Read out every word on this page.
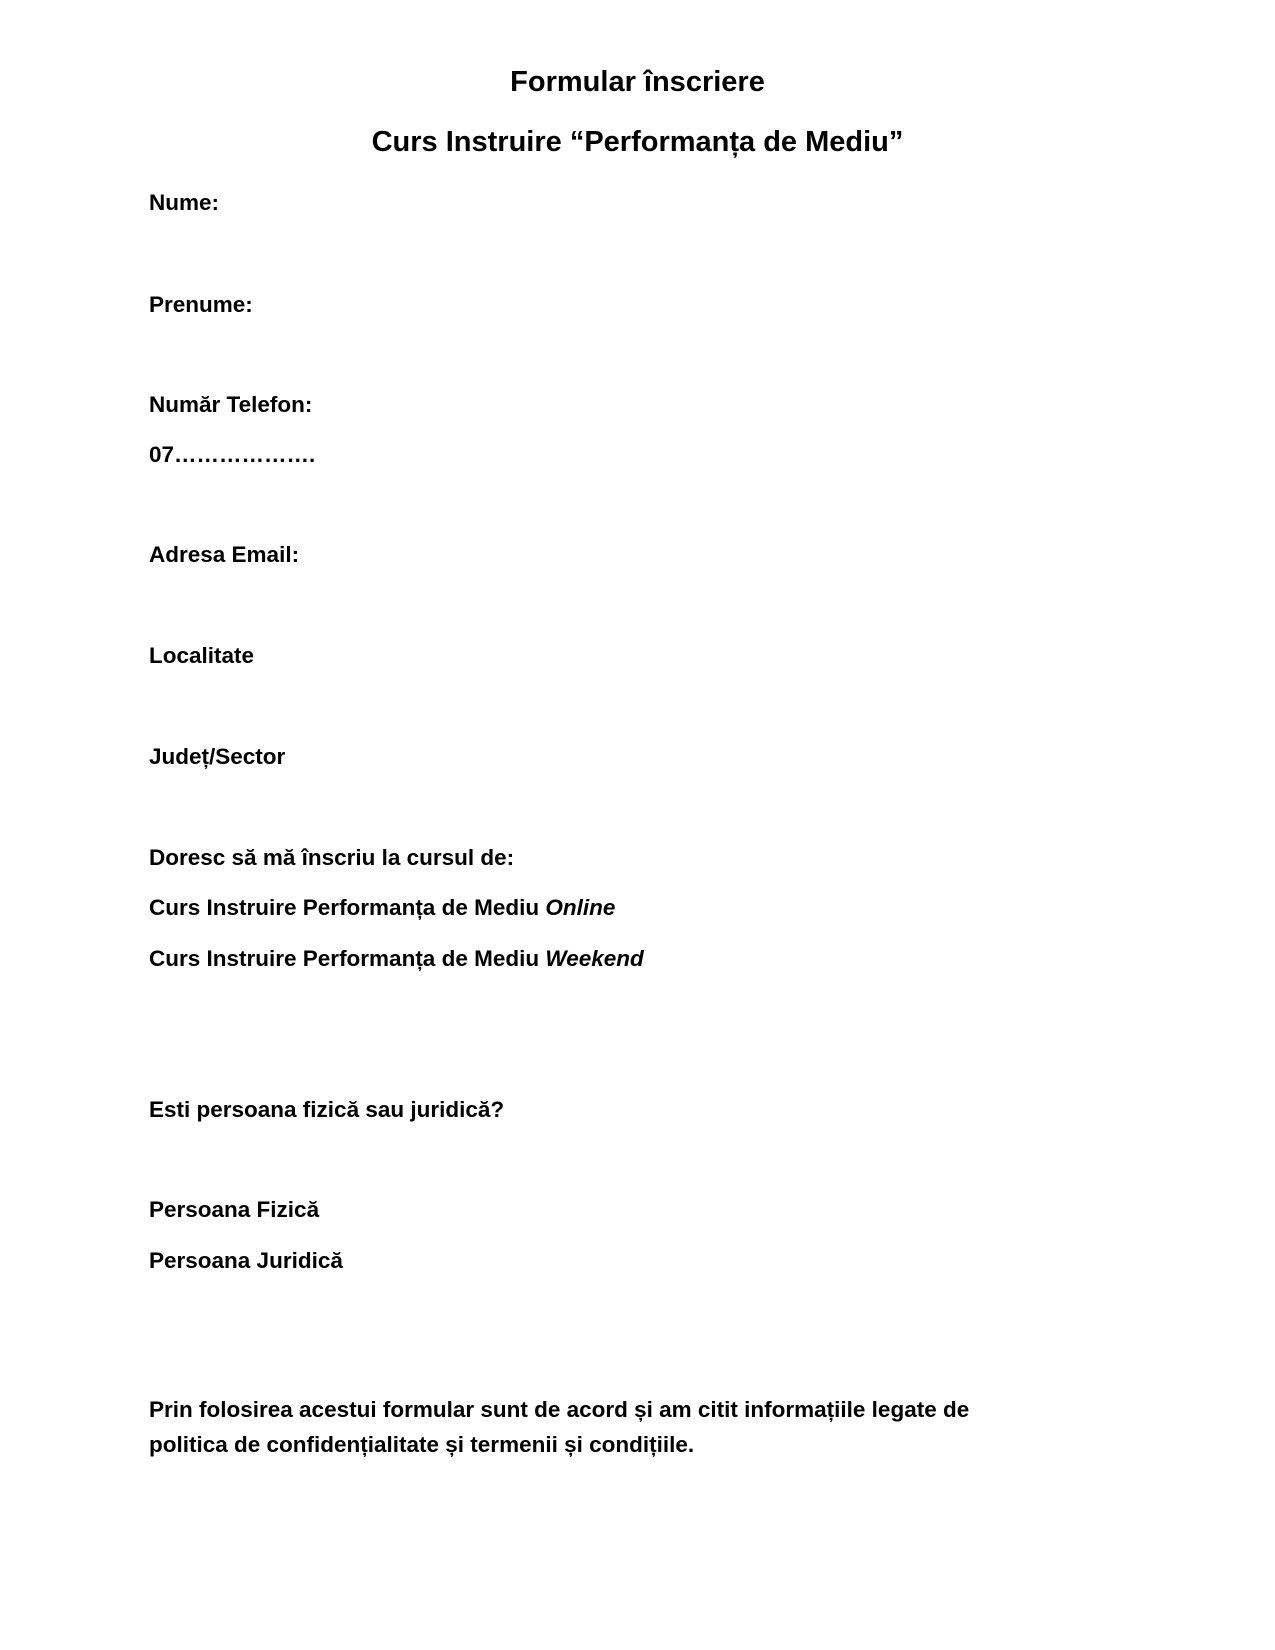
Formular înscriere
Curs Instruire “Performanța de Mediu”
Nume:
Prenume:
Număr Telefon:
07……………….
Adresa Email:
Localitate
Județ/Sector
Doresc să mă înscriu la cursul de:
Curs Instruire Performanța de Mediu Online
Curs Instruire Performanța de Mediu Weekend
Esti persoana fizică sau juridică?
Persoana Fizică
Persoana Juridică
Prin folosirea acestui formular sunt de acord și am citit informațiile legate de
politica de confidențialitate și termenii și condițiile.
